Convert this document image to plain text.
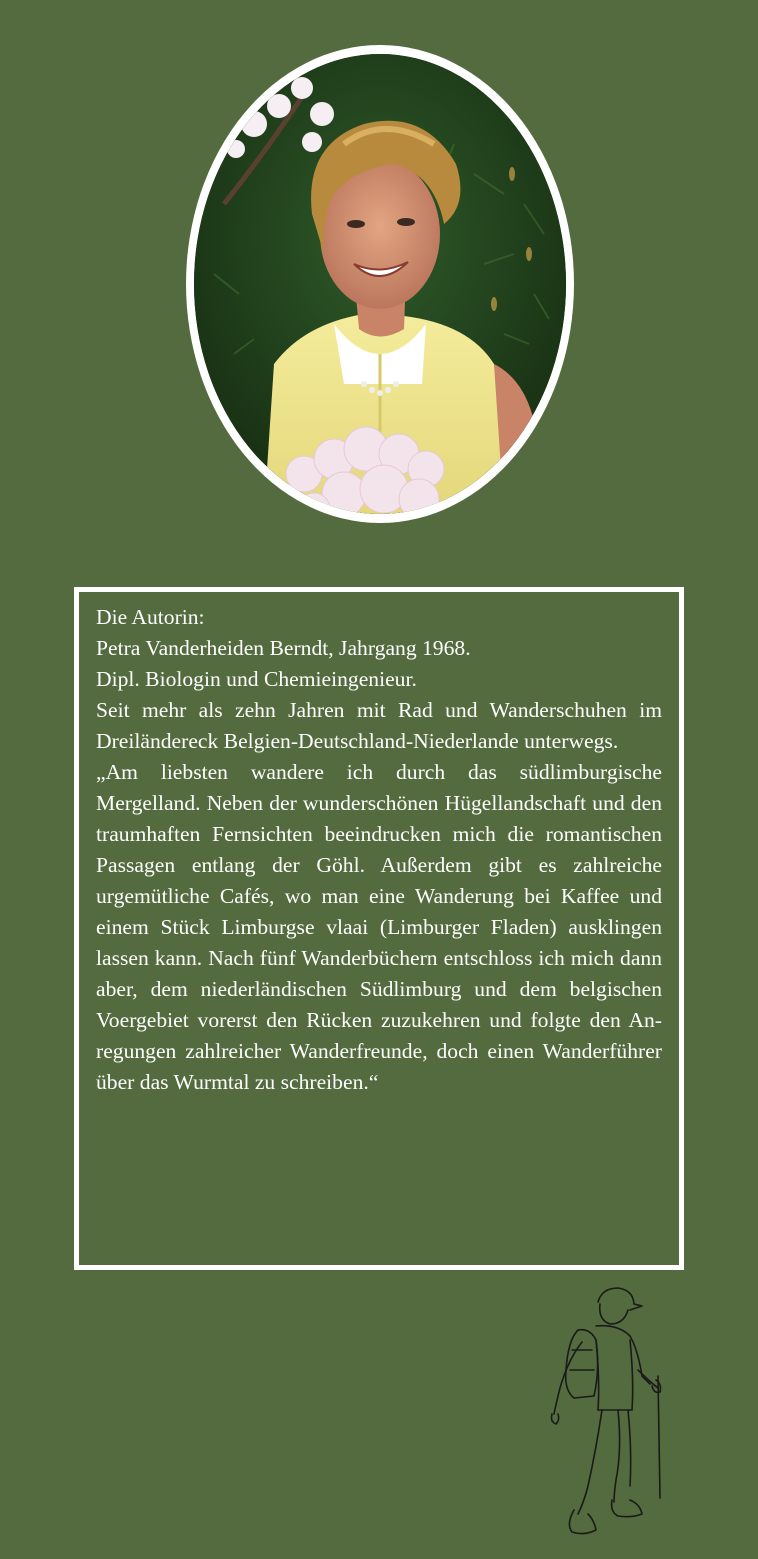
Die Autorin:

Petra Vanderheiden Berndt, Jahrgang 1968.

Dipl. Biologin und Chemieingenieur.

Seit mehr als zehn Jahren mit Rad und Wanderschuhen im Dreiländereck Belgien-Deutschland-Niederlande unterwegs.

„Am liebsten wandere ich durch das südlimburgische Mergelland. Neben der wunderschönen Hügellandschaft und den traumhaften Fernsichten beeindrucken mich die romantischen Passagen entlang der Göhl. Außerdem gibt es zahlreiche urgemütliche Cafés, wo man eine Wanderung bei Kaffee und einem Stück Limburgse vlaai (Limburger Fladen) ausklingen lassen kann. Nach fünf Wanderbüchern entschloss ich mich dann aber, dem niederländischen Südlimburg und dem belgischen Voergebiet vorerst den Rücken zuzukehren und folgte den Anregungen zahlreicher Wanderfreunde, doch einen Wanderführer über das Wurmtal zu schreiben.“
